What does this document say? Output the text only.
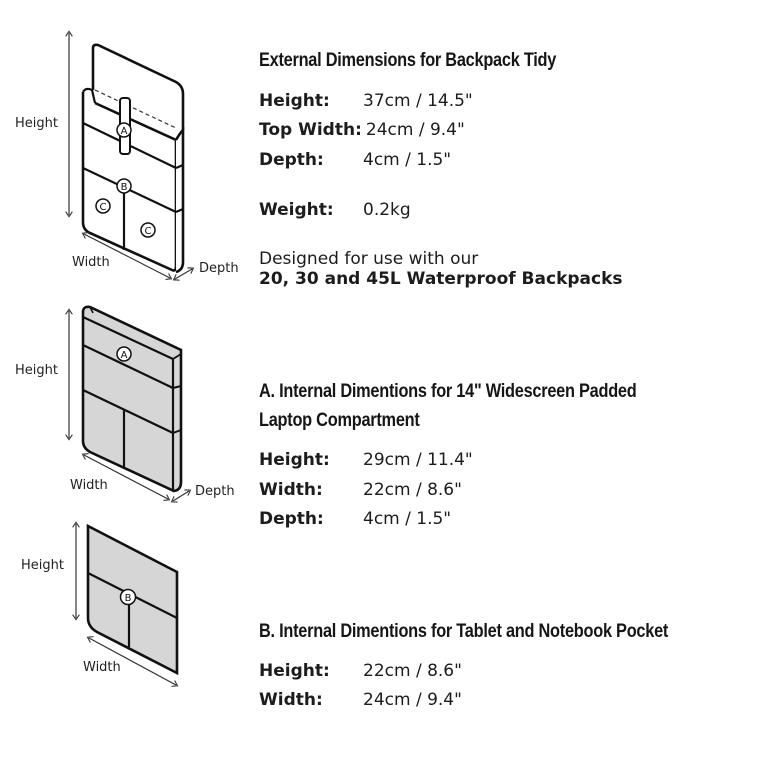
A
B
C
C
Height
Width	Depth
External Dimensions for Backpack Tidy
Height: 37cm / 14.5"
Top Width: 24cm / 9.4"
Depth: 4cm / 1.5"
Weight: 0.2kg
Designed for use with our
20, 30 and 45L Waterproof Backpacks
A
Height
Width	Depth
A. Internal Dimentions for 14" Widescreen Padded
Laptop Compartment
Height: 29cm / 11.4"
Width: 22cm / 8.6"
Depth: 4cm / 1.5"
B
Height
Width
B. Internal Dimentions for Tablet and Notebook Pocket
Height: 22cm / 8.6"
Width: 24cm / 9.4"
